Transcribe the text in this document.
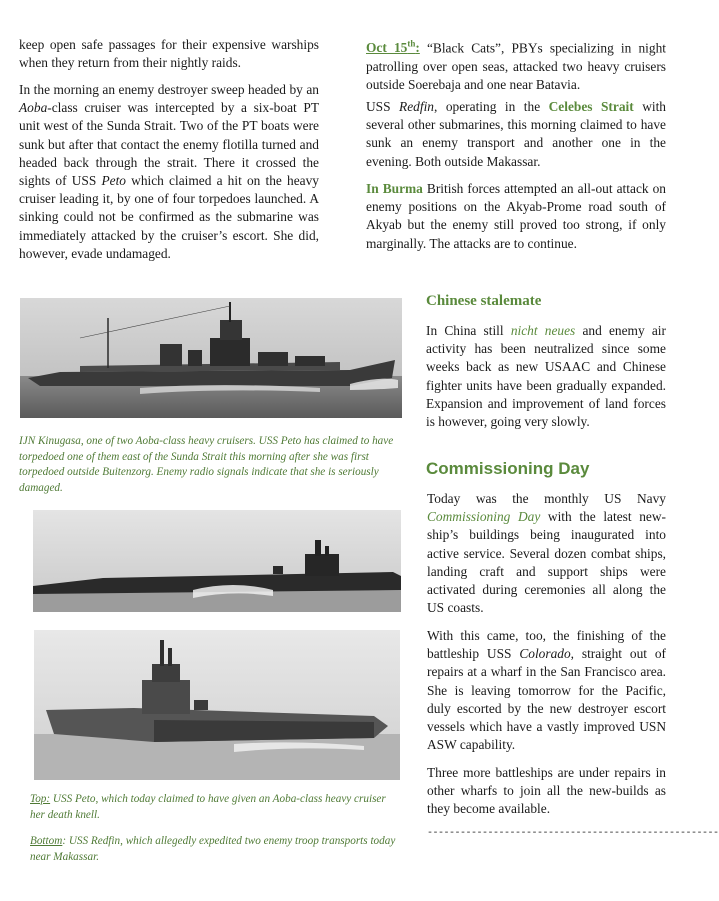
keep open safe passages for their expensive warships when they return from their nightly raids.

In the morning an enemy destroyer sweep headed by an Aoba-class cruiser was intercepted by a six-boat PT unit west of the Sunda Strait. Two of the PT boats were sunk but after that contact the enemy flotilla turned and headed back through the strait. There it crossed the sights of USS Peto which claimed a hit on the heavy cruiser leading it, by one of four torpedoes launched. A sinking could not be confirmed as the submarine was immediately attacked by the cruiser’s escort. She did, however, evade undamaged.

IJN Kinugasa, one of two Aoba-class heavy cruisers. USS Peto has claimed to have torpedoed one of them east of the Sunda Strait this morning after she was first torpedoed outside Buitenzorg. Enemy radio signals indicate that she is seriously damaged.

Top: USS Peto, which today claimed to have given an Aoba-class heavy cruiser her death knell.

Bottom: USS Redfin, which allegedly expedited two enemy troop transports today near Makassar.

Oct 15th: “Black Cats”, PBYs specializing in night patrolling over open seas, attacked two heavy cruisers outside Soerebaja and one near Batavia.

USS Redfin, operating in the Celebes Strait with several other submarines, this morning claimed to have sunk an enemy transport and another one in the evening. Both outside Makassar.

In Burma British forces attempted an all-out attack on enemy positions on the Akyab-Prome road south of Akyab but the enemy still proved too strong, if only marginally. The attacks are to continue.

Chinese stalemate

In China still nicht neues and enemy air activity has been neutralized since some weeks back as new USAAC and Chinese fighter units have been gradually expanded. Expansion and improvement of land forces is however, going very slowly.

Commissioning Day

Today was the monthly US Navy Commissioning Day with the latest new-ship’s buildings being inaugurated into active service. Several dozen combat ships, landing craft and support ships were activated during ceremonies all along the US coasts.

With this came, too, the finishing of the battleship USS Colorado, straight out of repairs at a wharf in the San Francisco area. She is leaving tomorrow for the Pacific, duly escorted by the new destroyer escort vessels which have a vastly improved USN ASW capability.

Three more battleships are under repairs in other wharfs to join all the new-builds as they become available.

-----------------------------------------------------
